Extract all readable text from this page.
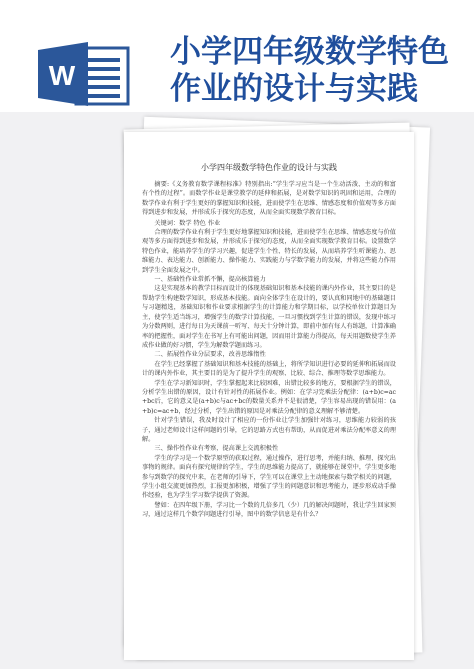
W
小学四年级数学特色作业的设计与实践
小学四年级数学特色作业的设计与实践

摘要:《义务教育数学课程标准》特别指出:“学生学习应当是一个生动活泼、主动的和富有个性的过程”。而数学作业是课堂教学的延伸和拓展，是对数学知识的巩固和运用，合理的数学作业有利于学生更好的掌握知识和技能，进而使学生在思维、情感态度和价值观等多方面得到进步和发展，并形成乐于探究的态度，从而全面实现数学教育目标。

关键词：数学 特色 作业

合理的数学作业有利于学生更好地掌握知识和技能，进而使学生在思维、情感态度与价值观等多方面得到进步和发展，并形成乐于探究的态度，从而全面实现数学教育目标。设置数学特色作业，能培养学生的学习兴趣，促进学生个性、特长的发展，从而培养学生听课能力、思维能力、表达能力、创新能力、操作能力、实践能力与学数学能力的发展，并将这些能力作用到学生全面发展之中。

一、基础性作业常抓不懈，提高核算能力

这是实现基本的教学目标而设计的体现基础知识和基本技能的课内外作业，其主要目的是帮助学生构建数学知识，形成基本技能。面向全体学生在设计的，要认真和同地中的基础题目与习题精选，基础知识和作业要求根据学生的计算能力和学期目标，以学校单位计算题目为主，使学生适当练习，增强学生的数学计算技能，一旦习惯找到学生计算的错误，发现中练习为分数两则，进行每日为天课前一听写、每天十分钟计算，即前中加有每人有练题，计算准确率的把握性，面对学生在书写上有可能出问题，因而用计算能力得提高，每天用题数使学生养成作业做的好习惯，学生为解数学题而练习。

二、拓展性作业分层要求，改善思维惰性

在学生已经掌握了基础知识和基本技能的基础上，将所学知识进行必要的延伸和拓展而设计的课内外作业，其主要目的是为了提升学生的观察、比较、综合、推理等数学思维能力。

学生在学习新知识时，学生掌握起来比较困难，出错比较多的地方，要根据学生的错误，分析学生出错的原因，设计有针对性的拓展作业。例如：在学习完乘法分配律：(a+b)c=ac+bc后，它的意义是(a+b)c与ac+bc的数量关系并不是很清楚，学生容易出现的错误用：(a+b)c=ac+b，经过分析，学生出错的原因是对乘法分配律的意义理解不够清楚。

针对学生错误，我及时设计了相应的一份作业让学生加强针对练习，思维能力较弱的孩子，通过老师设计这样问题的引导，它的思路方式也有帮助，从而促进对乘法分配率意义的理解。

三、操作性作业有考察，提高课上交流积极性

学生的学习是一个数学原型的获取过程，通过操作，进行思考，并能归纳、推理、探究出事物的规律。面向有探究规律的学生，学生的思维能力提高了，就能够在课堂中，学生更多地参与到数学的探究中来，在老师的引导下，学生可以在课堂上主动地探索与数学相关的问题，学生小组交流更加热烈，汇报更加积极，增强了学生的问题意识和思考能力，逐步形成动手操作经验，也为学生学习数学提供了资源。

譬如：在四年级下册，学习比一个数的几倍多几（少）几的解决问题时，我让学生回家预习，通过这样几个数学问题进行引导，图中的数学信息是有什么？
